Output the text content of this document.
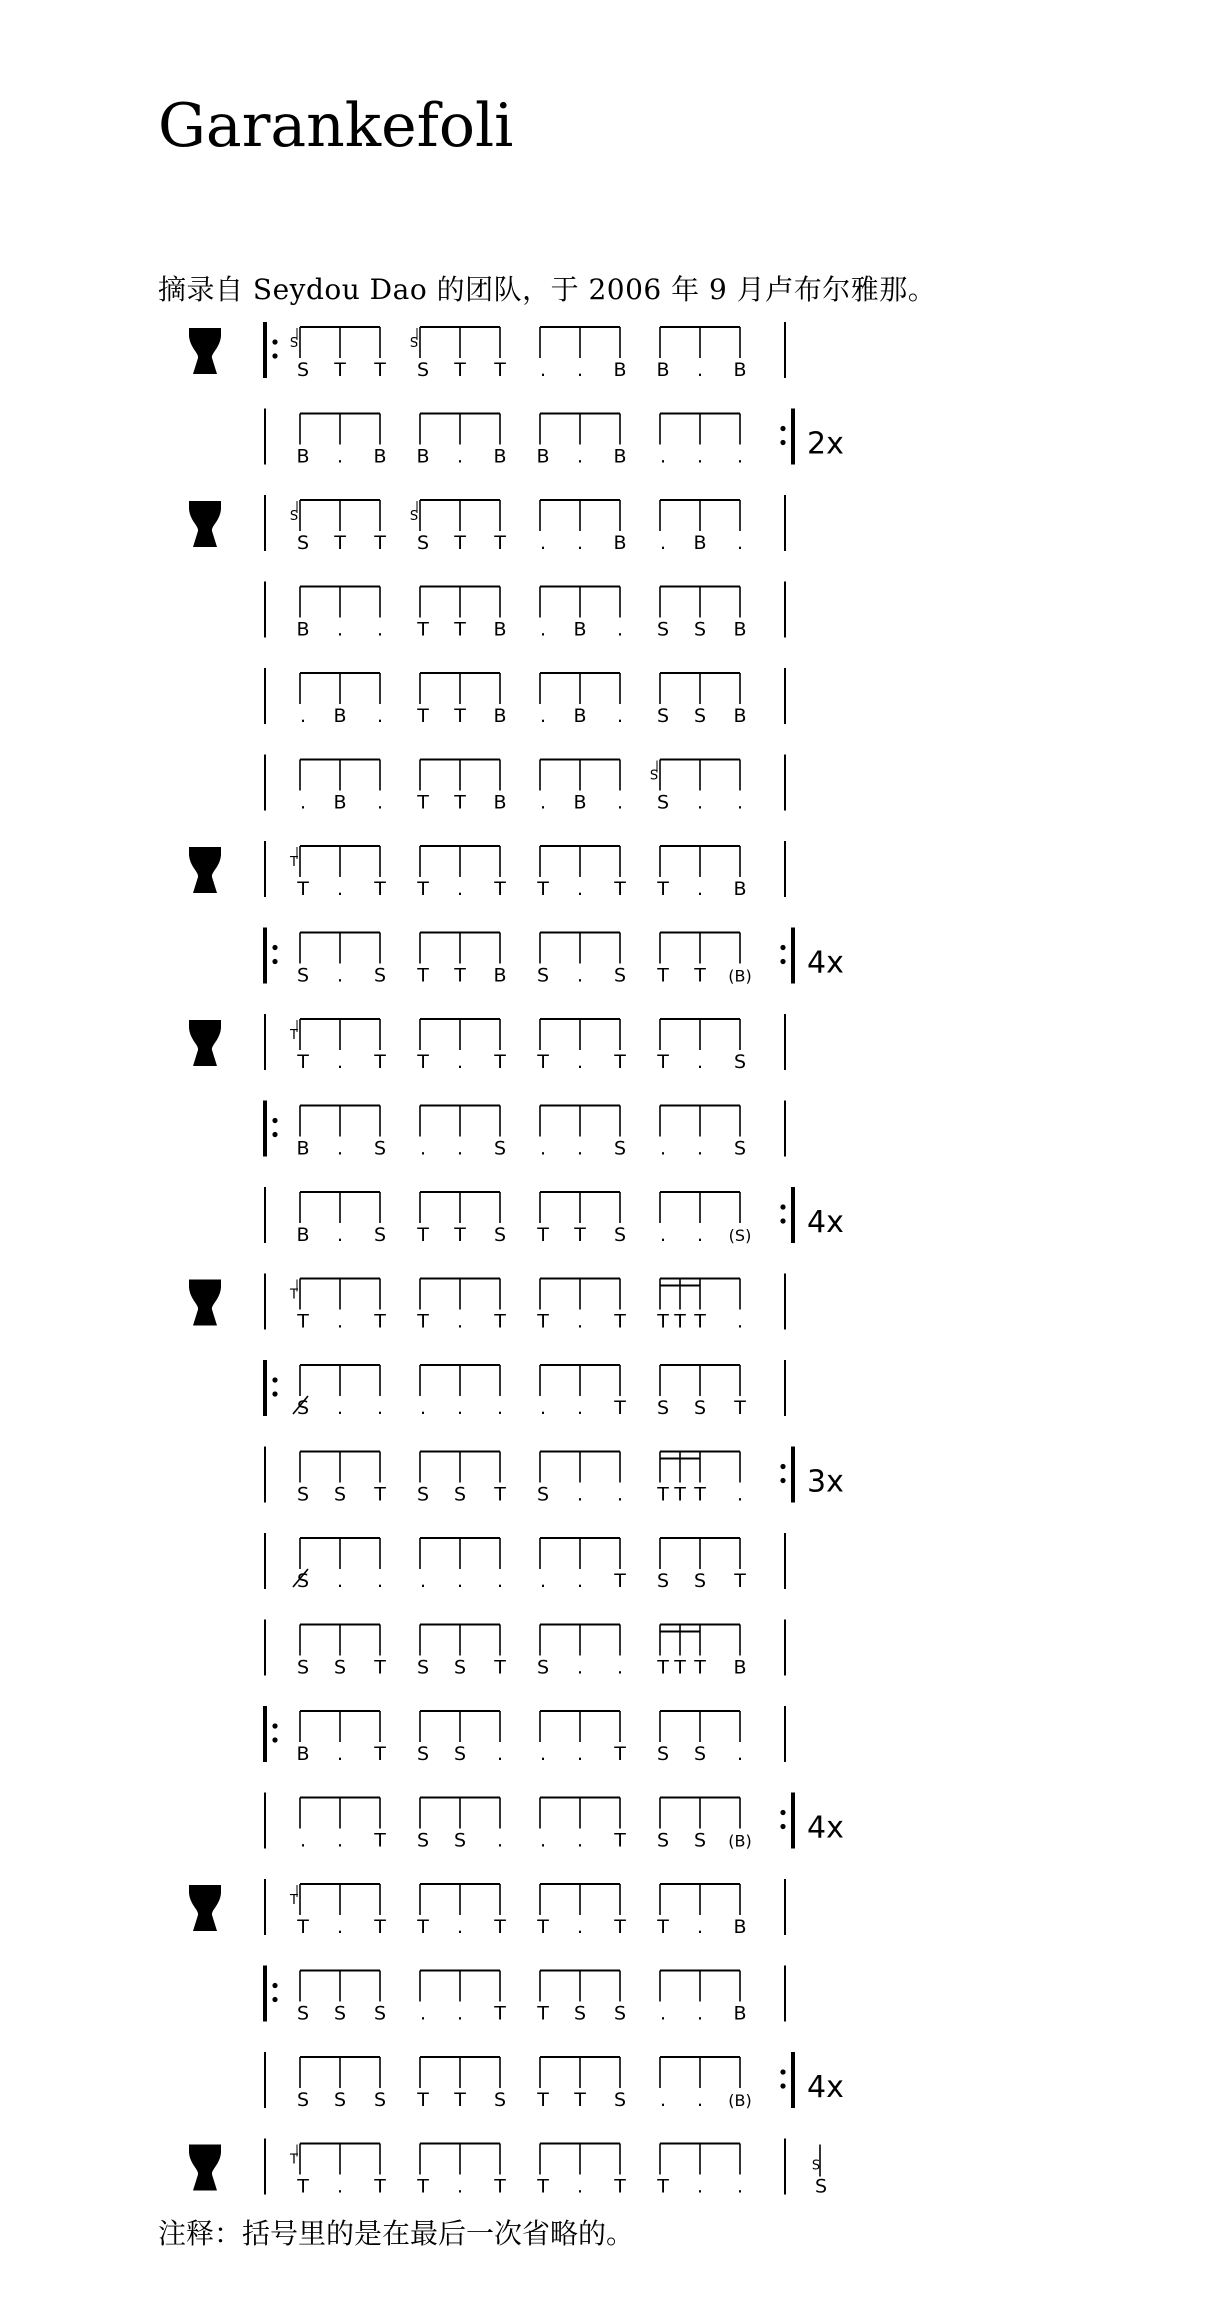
Garankefoli
摘录自 Seydou Dao 的团队，于 2006 年 9 月卢布尔雅那。
S
S
T T S
S
T T . . B B . B
B . B B . B B . B . . . 2x
S
S
T T S
S
T T . . B . B .
B . . T T B . B . S S B
. B . T T B . B . S S B
. B . T T B . B . S
S
. .
T
T
. T T . T T . T T . B
S . S T T B S . S T T (B) 4x
T
T
. T T . T T . T T . S
B . S . . S . . S . . S
B . S T T S T T S . . (S) 4x
T
T
. T T . T T . T T T T .
S . . . . . . . T S S T
S S T S S T S . . T T T . 3x
S . . . . . . . T S S T
S S T S S T S . . T T T B
B . T S S . . . T S S .
. . T S S . . . T S S (B) 4x
T
T
. T T . T T . T T . B
S S S . . T T S S . . B
S S S T T S T T S . . (B) 4x
T
T
. T T . T T . T T . .
S
S
注释：括号里的是在最后一次省略的。
